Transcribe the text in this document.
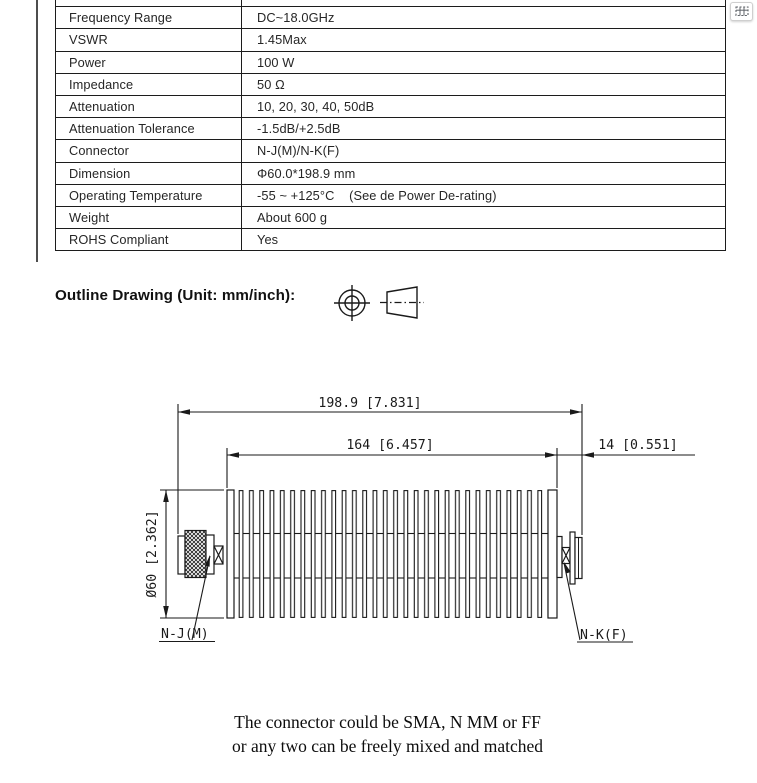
Frequency Range	DC~18.0GHz
VSWR	1.45Max
Power	100 W
Impedance	50 Ω
Attenuation	10, 20, 30, 40, 50dB
Attenuation Tolerance	-1.5dB/+2.5dB
Connector	N-J(M)/N-K(F)
Dimension	Φ60.0*198.9 mm
Operating Temperature	-55 ~ +125°C    (See de Power De-rating)
Weight	About 600 g
ROHS Compliant	Yes
Outline Drawing (Unit: mm/inch):
198.9 [7.831]
164 [6.457]	14 [0.551]
Ø60 [2.362]
N-J(M)	N-K(F)
The connector could be SMA, N MM or FF
or any two can be freely mixed and matched
